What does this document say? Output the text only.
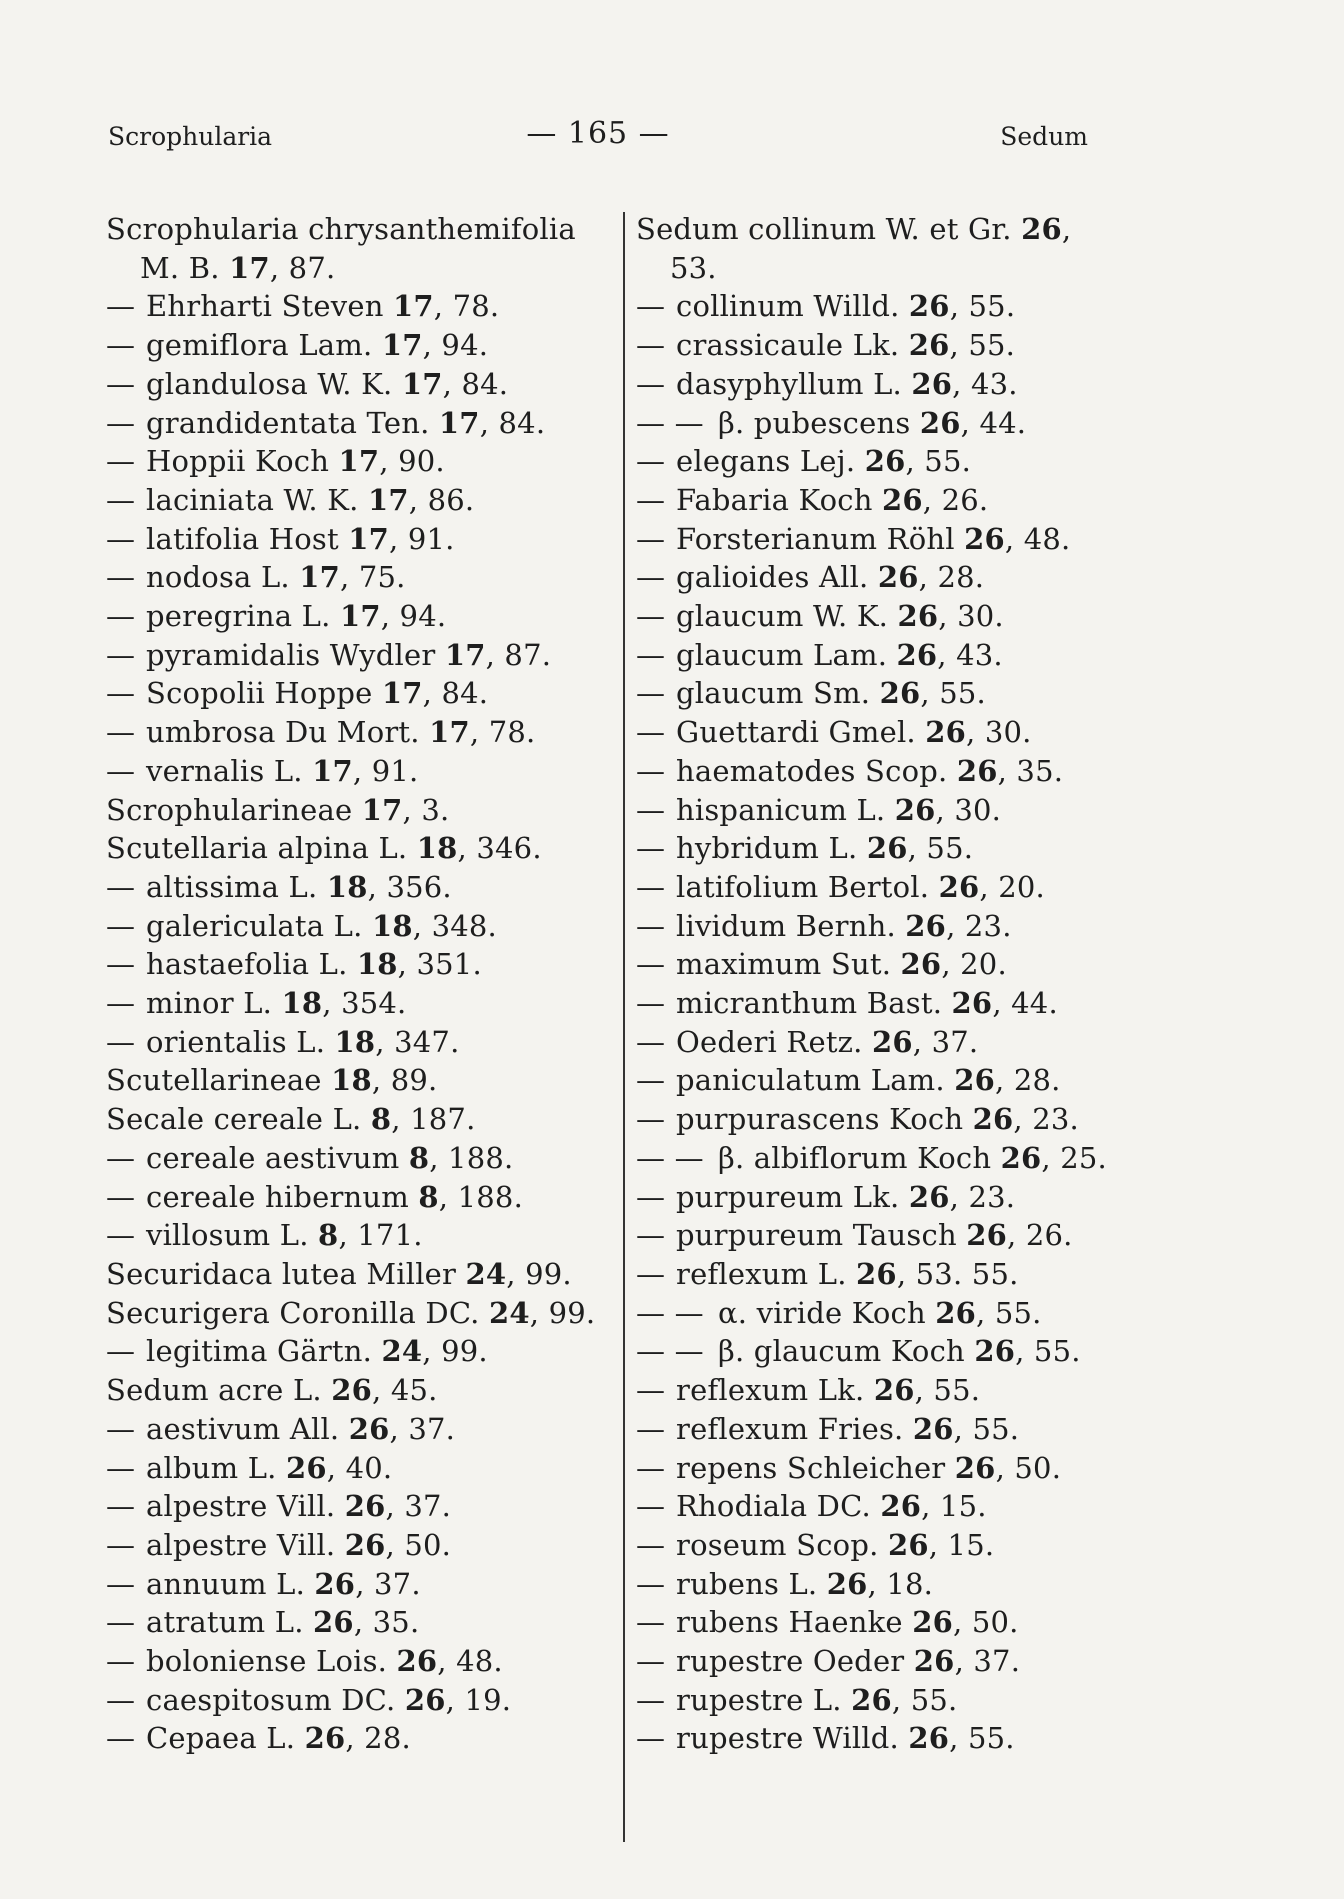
Scrophularia	— 165 —	Sedum
Scrophularia chrysanthemifolia
M. B. 17, 87.
— Ehrharti Steven 17, 78.
— gemiflora Lam. 17, 94.
— glandulosa W. K. 17, 84.
— grandidentata Ten. 17, 84.
— Hoppii Koch 17, 90.
— laciniata W. K. 17, 86.
— latifolia Host 17, 91.
— nodosa L. 17, 75.
— peregrina L. 17, 94.
— pyramidalis Wydler 17, 87.
— Scopolii Hoppe 17, 84.
— umbrosa Du Mort. 17, 78.
— vernalis L. 17, 91.
Scrophularineae 17, 3.
Scutellaria alpina L. 18, 346.
— altissima L. 18, 356.
— galericulata L. 18, 348.
— hastaefolia L. 18, 351.
— minor L. 18, 354.
— orientalis L. 18, 347.
Scutellarineae 18, 89.
Secale cereale L. 8, 187.
— cereale aestivum 8, 188.
— cereale hibernum 8, 188.
— villosum L. 8, 171.
Securidaca lutea Miller 24, 99.
Securigera Coronilla DC. 24, 99.
— legitima Gärtn. 24, 99.
Sedum acre L. 26, 45.
— aestivum All. 26, 37.
— album L. 26, 40.
— alpestre Vill. 26, 37.
— alpestre Vill. 26, 50.
— annuum L. 26, 37.
— atratum L. 26, 35.
— boloniense Lois. 26, 48.
— caespitosum DC. 26, 19.
— Cepaea L. 26, 28.
Sedum collinum W. et Gr. 26,
53.
— collinum Willd. 26, 55.
— crassicaule Lk. 26, 55.
— dasyphyllum L. 26, 43.
— — β. pubescens 26, 44.
— elegans Lej. 26, 55.
— Fabaria Koch 26, 26.
— Forsterianum Röhl 26, 48.
— galioides All. 26, 28.
— glaucum W. K. 26, 30.
— glaucum Lam. 26, 43.
— glaucum Sm. 26, 55.
— Guettardi Gmel. 26, 30.
— haematodes Scop. 26, 35.
— hispanicum L. 26, 30.
— hybridum L. 26, 55.
— latifolium Bertol. 26, 20.
— lividum Bernh. 26, 23.
— maximum Sut. 26, 20.
— micranthum Bast. 26, 44.
— Oederi Retz. 26, 37.
— paniculatum Lam. 26, 28.
— purpurascens Koch 26, 23.
— — β. albiflorum Koch 26, 25.
— purpureum Lk. 26, 23.
— purpureum Tausch 26, 26.
— reflexum L. 26, 53. 55.
— — α. viride Koch 26, 55.
— — β. glaucum Koch 26, 55.
— reflexum Lk. 26, 55.
— reflexum Fries. 26, 55.
— repens Schleicher 26, 50.
— Rhodiala DC. 26, 15.
— roseum Scop. 26, 15.
— rubens L. 26, 18.
— rubens Haenke 26, 50.
— rupestre Oeder 26, 37.
— rupestre L. 26, 55.
— rupestre Willd. 26, 55.
